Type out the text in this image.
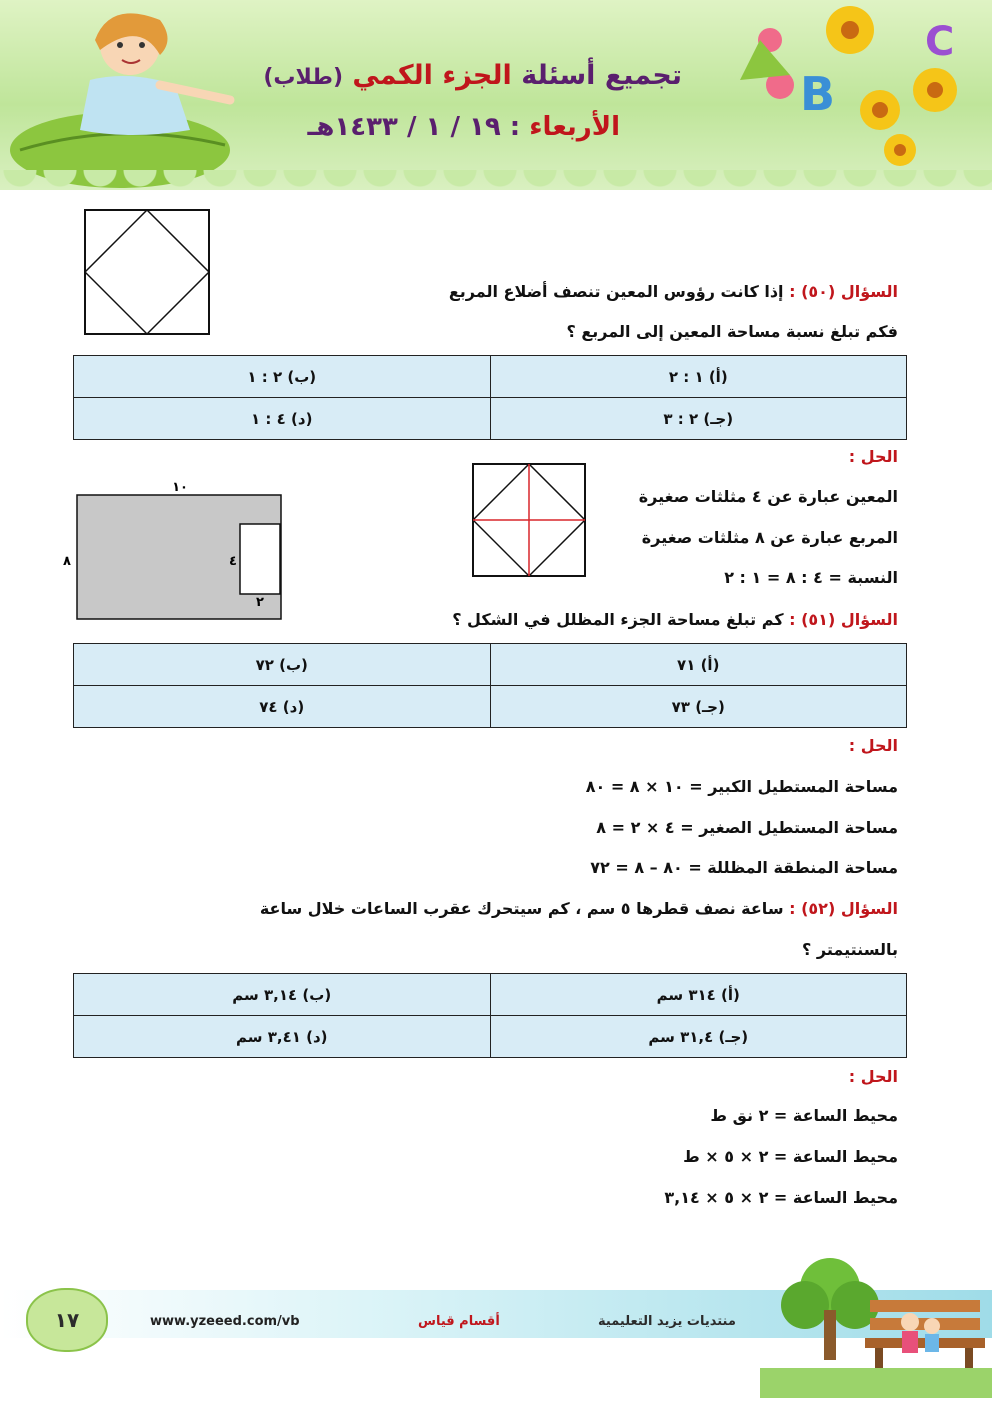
B
C
تجميع أسئلة الجزء الكمي (طلاب)
الأربعاء : ١٩ / ١ / ١٤٣٣هـ
السؤال (٥٠) : إذا كانت رؤوس المعين تنصف أضلاع المربع
فكم تبلغ نسبة مساحة المعين إلى المربع ؟
(أ) ١ : ٢	(ب) ٢ : ١
(جـ) ٢ : ٣	(د) ٤ : ١
الحل :
المعين عبارة عن ٤ مثلثات صغيرة
المربع عبارة عن ٨ مثلثات صغيرة
النسبة = ٤ : ٨ = ١ : ٢
١٠
٨	٤
٢
السؤال (٥١) : كم تبلغ مساحة الجزء المظلل في الشكل ؟
(أ) ٧١	(ب) ٧٢
(جـ) ٧٣	(د) ٧٤
الحل :
مساحة المستطيل الكبير = ١٠ × ٨ = ٨٠
مساحة المستطيل الصغير = ٤ × ٢ = ٨
مساحة المنطقة المظللة = ٨٠ – ٨ = ٧٢
السؤال (٥٢) : ساعة نصف قطرها ٥ سم ، كم سيتحرك عقرب الساعات خلال ساعة
بالسنتيمتر ؟
(أ) ٣١٤ سم	(ب) ٣,١٤ سم
(جـ) ٣١,٤ سم	(د) ٣,٤١ سم
الحل :
محيط الساعة = ٢ نق ط
محيط الساعة = ٢ × ٥ × ط
محيط الساعة = ٢ × ٥ × ٣,١٤
١٧	www.yzeeed.com/vb	أقسام قياس	منتديات يزيد التعليمية
